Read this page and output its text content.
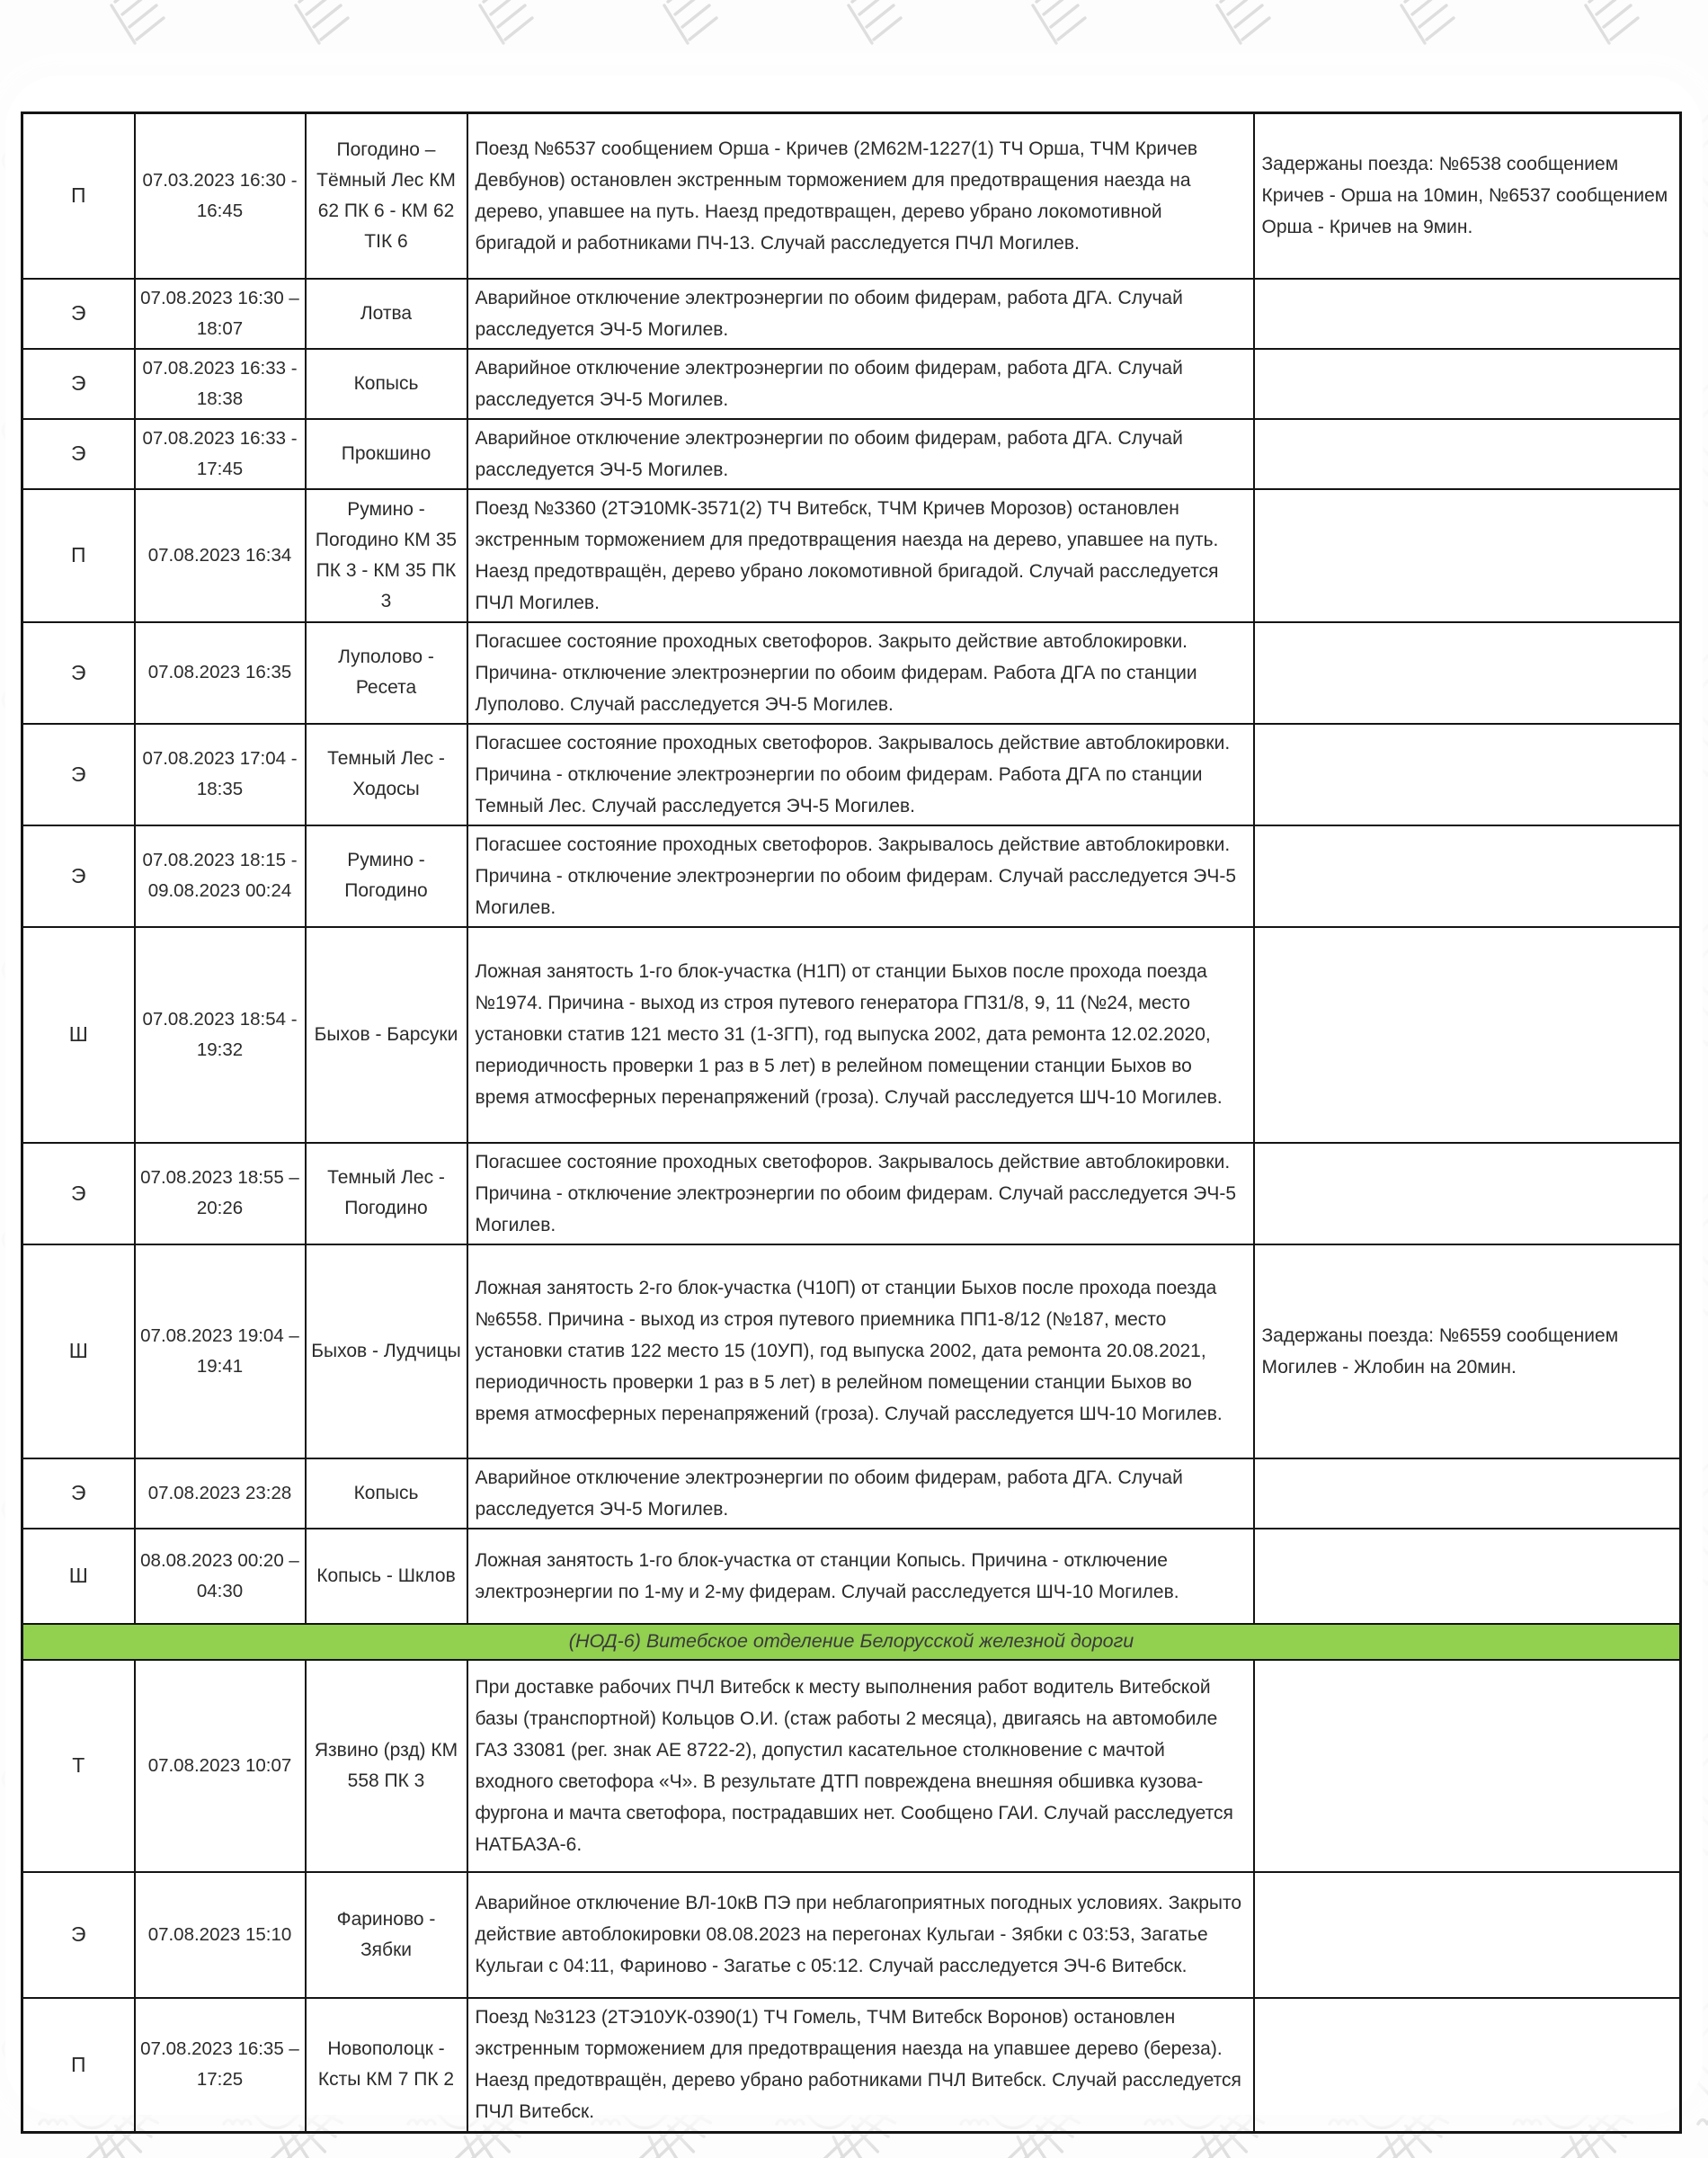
П	07.03.2023 16:30 - 16:45	Погодино – Тёмный Лес КМ 62 ПК 6 - КМ 62 ТІК 6	Поезд №6537 сообщением Орша - Кричев (2М62М-1227(1) ТЧ Орша, ТЧМ Кричев Девбунов) остановлен экстренным торможением для предотвращения наезда на дерево, упавшее на путь. Наезд предотвращен, дерево убрано локомотивной бригадой и работниками ПЧ-13. Случай расследуется ПЧЛ Могилев.	Задержаны поезда: №6538 сообщением Кричев - Орша на 10мин, №6537 сообщением Орша - Кричев на 9мин.
Э	07.08.2023 16:30 – 18:07	Лотва	Аварийное отключение электроэнергии по обоим фидерам, работа ДГА. Случай расследуется ЭЧ-5 Могилев.	
Э	07.08.2023 16:33 - 18:38	Копысь	Аварийное отключение электроэнергии по обоим фидерам, работа ДГА. Случай расследуется ЭЧ-5 Могилев.	
Э	07.08.2023 16:33 - 17:45	Прокшино	Аварийное отключение электроэнергии по обоим фидерам, работа ДГА. Случай расследуется ЭЧ-5 Могилев.	
П	07.08.2023 16:34	Румино - Погодино КМ 35 ПК 3 - КМ 35 ПК 3	Поезд №3360 (2ТЭ10МК-3571(2) ТЧ Витебск, ТЧМ Кричев Морозов) остановлен экстренным торможением для предотвращения наезда на дерево, упавшее на путь. Наезд предотвращён, дерево убрано локомотивной бригадой. Случай расследуется ПЧЛ Могилев.	
Э	07.08.2023 16:35	Луполово - Ресета	Погасшее состояние проходных светофоров. Закрыто действие автоблокировки. Причина- отключение электроэнергии по обоим фидерам. Работа ДГА по станции Луполово. Случай расследуется ЭЧ-5 Могилев.	
Э	07.08.2023 17:04 - 18:35	Темный Лес - Ходосы	Погасшее состояние проходных светофоров. Закрывалось действие автоблокировки. Причина - отключение электроэнергии по обоим фидерам. Работа ДГА по станции Темный Лес. Случай расследуется ЭЧ-5 Могилев.	
Э	07.08.2023 18:15 - 09.08.2023 00:24	Румино - Погодино	Погасшее состояние проходных светофоров. Закрывалось действие автоблокировки. Причина - отключение электроэнергии по обоим фидерам. Случай расследуется ЭЧ-5 Могилев.	
Ш	07.08.2023 18:54 - 19:32	Быхов - Барсуки	Ложная занятость 1-го блок-участка (Н1П) от станции Быхов после прохода поезда №1974. Причина - выход из строя путевого генератора ГП31/8, 9, 11 (№24, место установки статив 121 место 31 (1-3ГП), год выпуска 2002, дата ремонта 12.02.2020, периодичность проверки 1 раз в 5 лет) в релейном помещении станции Быхов во время атмосферных перенапряжений (гроза). Случай расследуется ШЧ-10 Могилев.	
Э	07.08.2023 18:55 – 20:26	Темный Лес - Погодино	Погасшее состояние проходных светофоров. Закрывалось действие автоблокировки. Причина - отключение электроэнергии по обоим фидерам. Случай расследуется ЭЧ-5 Могилев.	
Ш	07.08.2023 19:04 – 19:41	Быхов - Лудчицы	Ложная занятость 2-го блок-участка (Ч10П) от станции Быхов после прохода поезда №6558. Причина - выход из строя путевого приемника ПП1-8/12 (№187, место установки статив 122 место 15 (10УП), год выпуска 2002, дата ремонта 20.08.2021, периодичность проверки 1 раз в 5 лет) в релейном помещении станции Быхов во время атмосферных перенапряжений (гроза). Случай расследуется ШЧ-10 Могилев.	Задержаны поезда: №6559 сообщением Могилев - Жлобин на 20мин.
Э	07.08.2023 23:28	Копысь	Аварийное отключение электроэнергии по обоим фидерам, работа ДГА. Случай расследуется ЭЧ-5 Могилев.	
Ш	08.08.2023 00:20 – 04:30	Копысь - Шклов	Ложная занятость 1-го блок-участка от станции Копысь. Причина - отключение электроэнергии по 1-му и 2-му фидерам. Случай расследуется ШЧ-10 Могилев.	
(НОД-6) Витебское отделение Белорусской железной дороги				
Т	07.08.2023 10:07	Язвино (рзд) КМ 558 ПК 3	При доставке рабочих ПЧЛ Витебск к месту выполнения работ водитель Витебской базы (транспортной) Кольцов О.И. (стаж работы 2 месяца), двигаясь на автомобиле ГАЗ 33081 (рег. знак АЕ 8722-2), допустил касательное столкновение с мачтой входного светофора «Ч». В результате ДТП повреждена внешняя обшивка кузова-фургона и мачта светофора, пострадавших нет. Сообщено ГАИ. Случай расследуется НАТБАЗА-6.	
Э	07.08.2023 15:10	Фариново - Зябки	Аварийное отключение ВЛ-10кВ ПЭ при неблагоприятных погодных условиях. Закрыто действие автоблокировки 08.08.2023 на перегонах Кульгаи - Зябки с 03:53, Загатье Кульгаи с 04:11, Фариново - Загатье с 05:12. Случай расследуется ЭЧ-6 Витебск.	
П	07.08.2023 16:35 – 17:25	Новополоцк - Ксты КМ 7 ПК 2	Поезд №3123 (2ТЭ10УК-0390(1) ТЧ Гомель, ТЧМ Витебск Воронов) остановлен экстренным торможением для предотвращения наезда на упавшее дерево (береза). Наезд предотвращён, дерево убрано работниками ПЧЛ Витебск. Случай расследуется ПЧЛ Витебск.	
